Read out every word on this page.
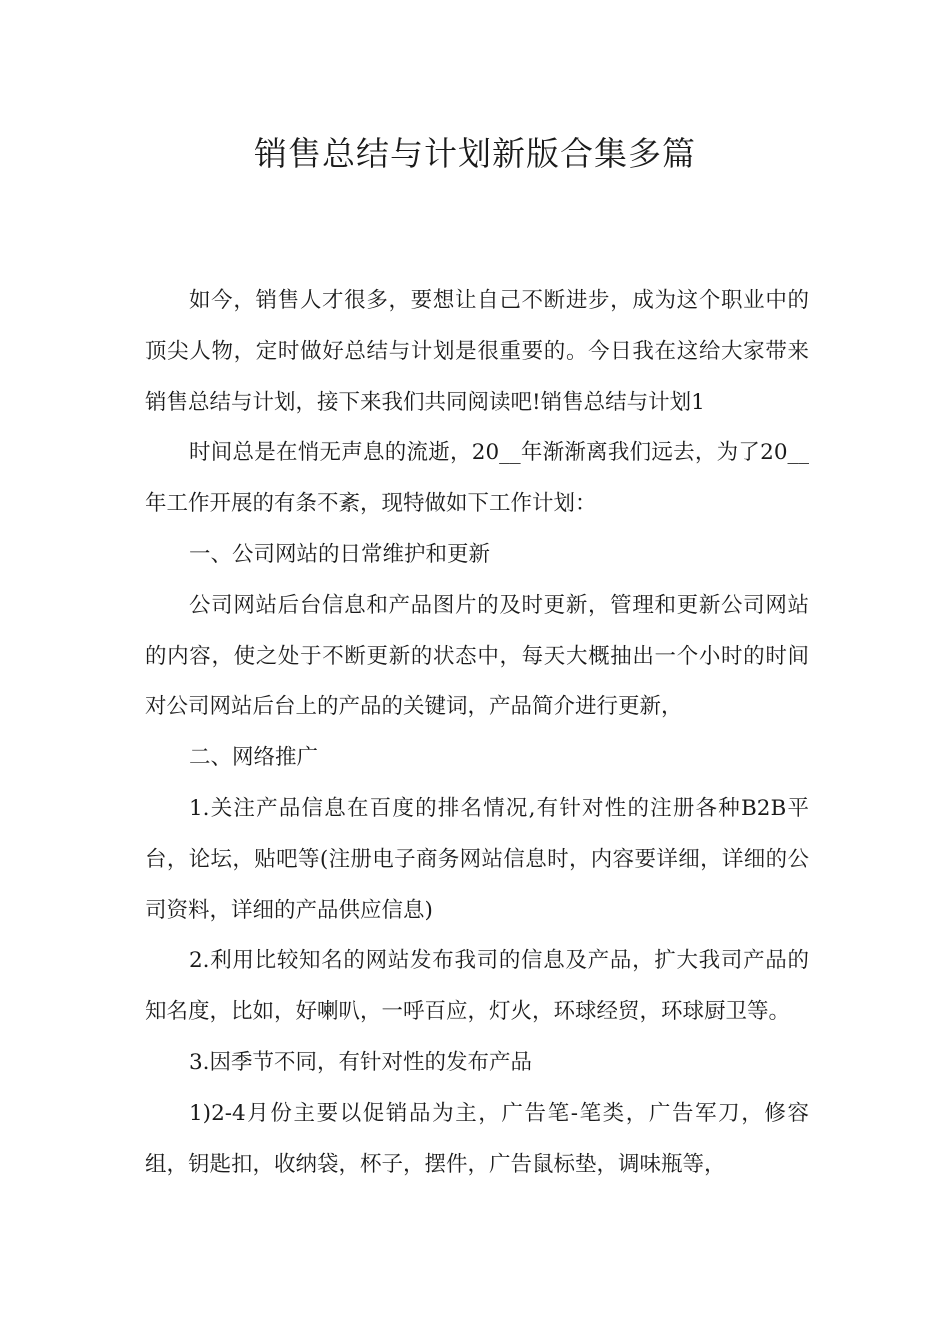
销售总结与计划新版合集多篇

如今，销售人才很多，要想让自己不断进步，成为这个职业中的顶尖人物，定时做好总结与计划是很重要的。今日我在这给大家带来销售总结与计划，接下来我们共同阅读吧!销售总结与计划1

时间总是在悄无声息的流逝，20__年渐渐离我们远去，为了20__年工作开展的有条不紊，现特做如下工作计划：

一、公司网站的日常维护和更新

公司网站后台信息和产品图片的及时更新，管理和更新公司网站的内容，使之处于不断更新的状态中，每天大概抽出一个小时的时间对公司网站后台上的产品的关键词，产品简介进行更新，

二、网络推广

1.关注产品信息在百度的排名情况,有针对性的注册各种B2B平台，论坛，贴吧等(注册电子商务网站信息时，内容要详细，详细的公司资料，详细的产品供应信息)

2.利用比较知名的网站发布我司的信息及产品，扩大我司产品的知名度，比如，好喇叭，一呼百应，灯火，环球经贸，环球厨卫等。

3.因季节不同，有针对性的发布产品

1)2-4月份主要以促销品为主，广告笔-笔类，广告军刀，修容组，钥匙扣，收纳袋，杯子，摆件，广告鼠标垫，调味瓶等，
